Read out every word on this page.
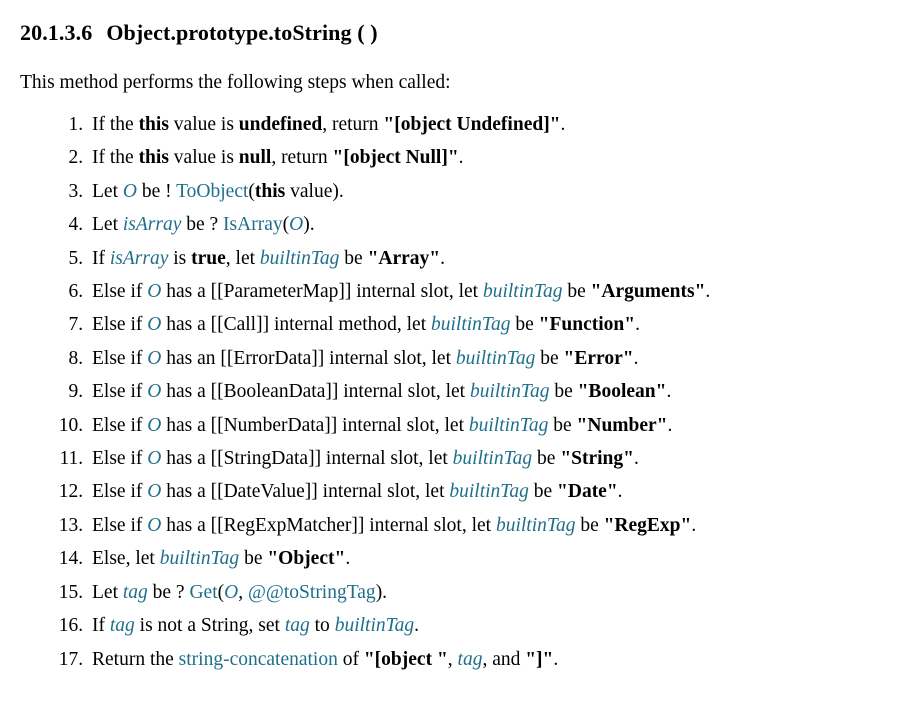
20.1.3.6 Object.prototype.toString ( )

This method performs the following steps when called:

1. If the this value is undefined, return "[object Undefined]".
2. If the this value is null, return "[object Null]".
3. Let O be ! ToObject(this value).
4. Let isArray be ? IsArray(O).
5. If isArray is true, let builtinTag be "Array".
6. Else if O has a [[ParameterMap]] internal slot, let builtinTag be "Arguments".
7. Else if O has a [[Call]] internal method, let builtinTag be "Function".
8. Else if O has an [[ErrorData]] internal slot, let builtinTag be "Error".
9. Else if O has a [[BooleanData]] internal slot, let builtinTag be "Boolean".
10. Else if O has a [[NumberData]] internal slot, let builtinTag be "Number".
11. Else if O has a [[StringData]] internal slot, let builtinTag be "String".
12. Else if O has a [[DateValue]] internal slot, let builtinTag be "Date".
13. Else if O has a [[RegExpMatcher]] internal slot, let builtinTag be "RegExp".
14. Else, let builtinTag be "Object".
15. Let tag be ? Get(O, @@toStringTag).
16. If tag is not a String, set tag to builtinTag.
17. Return the string-concatenation of "[object ", tag, and "]".
